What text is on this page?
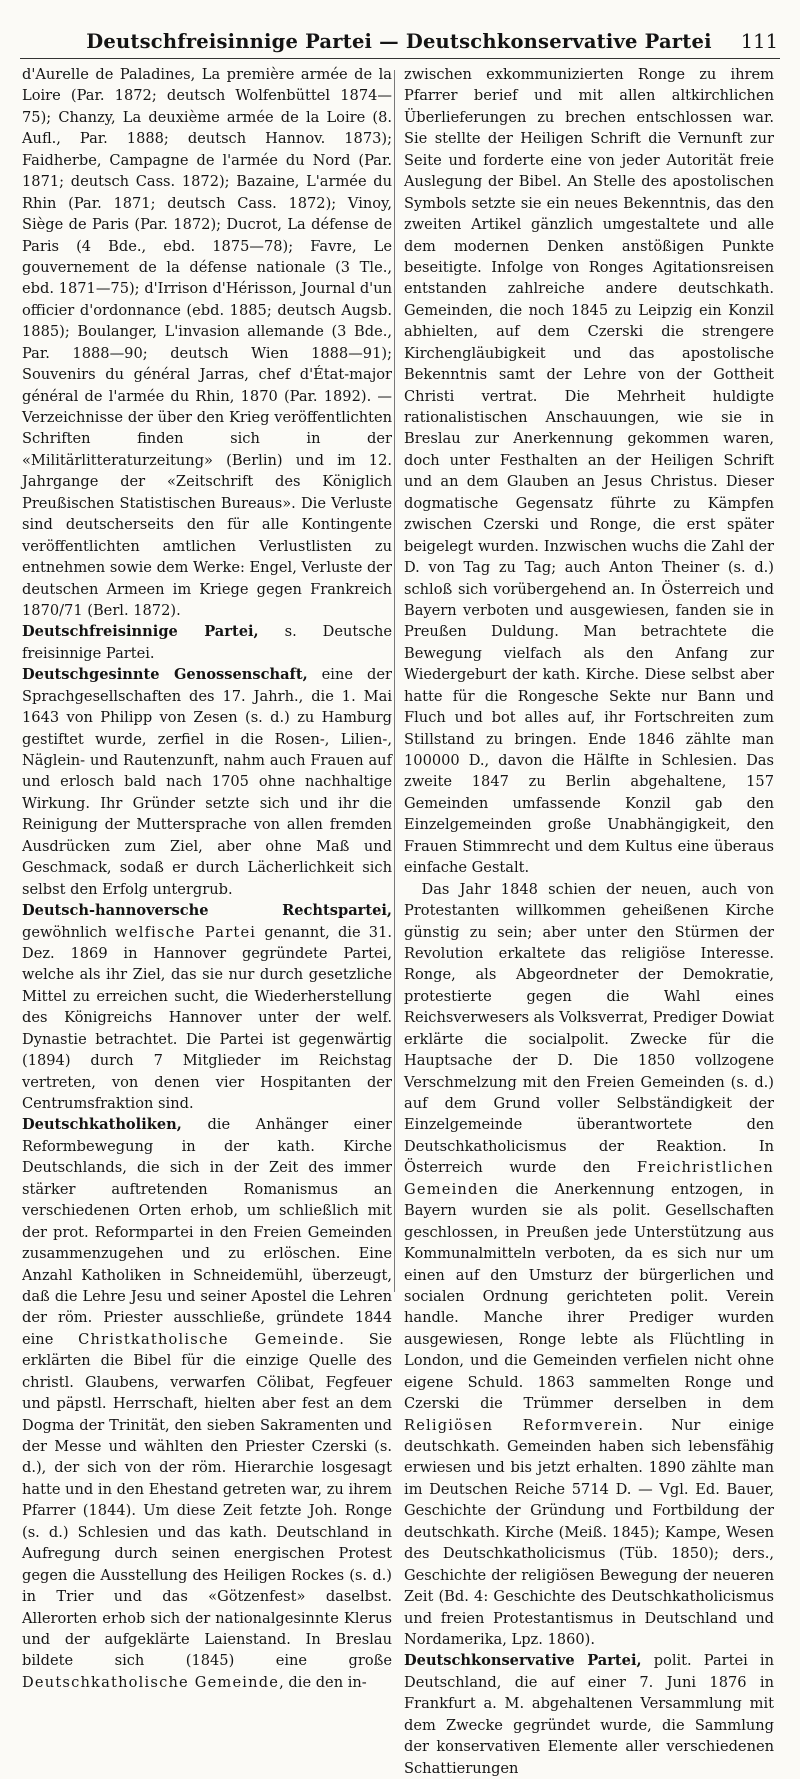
Deutschfreisinnige Partei — Deutschkonservative Partei	111

d'Aurelle de Paladines, La première armée de la Loire (Par. 1872; deutsch Wolfenbüttel 1874—75); Chanzy, La deuxième armée de la Loire (8. Aufl., Par. 1888; deutsch Hannov. 1873); Faidherbe, Campagne de l'armée du Nord (Par. 1871; deutsch Cass. 1872); Bazaine, L'armée du Rhin (Par. 1871; deutsch Cass. 1872); Vinoy, Siège de Paris (Par. 1872); Ducrot, La défense de Paris (4 Bde., ebd. 1875—78); Favre, Le gouvernement de la défense nationale (3 Tle., ebd. 1871—75); d'Irrison d'Hérisson, Journal d'un officier d'ordonnance (ebd. 1885; deutsch Augsb. 1885); Boulanger, L'invasion allemande (3 Bde., Par. 1888—90; deutsch Wien 1888—91); Souvenirs du général Jarras, chef d'État-major général de l'armée du Rhin, 1870 (Par. 1892). — Verzeichnisse der über den Krieg veröffentlichten Schriften finden sich in der «Militärlitteraturzeitung» (Berlin) und im 12. Jahrgange der «Zeitschrift des Königlich Preußischen Statistischen Bureaus». Die Verluste sind deutscherseits den für alle Kontingente veröffentlichten amtlichen Verlustlisten zu entnehmen sowie dem Werke: Engel, Verluste der deutschen Armeen im Kriege gegen Frankreich 1870/71 (Berl. 1872).

Deutschfreisinnige Partei, s. Deutsche freisinnige Partei.

Deutschgesinnte Genossenschaft, eine der Sprachgesellschaften des 17. Jahrh., die 1. Mai 1643 von Philipp von Zesen (s. d.) zu Hamburg gestiftet wurde, zerfiel in die Rosen-, Lilien-, Näglein- und Rautenzunft, nahm auch Frauen auf und erlosch bald nach 1705 ohne nachhaltige Wirkung. Ihr Gründer setzte sich und ihr die Reinigung der Muttersprache von allen fremden Ausdrücken zum Ziel, aber ohne Maß und Geschmack, sodaß er durch Lächerlichkeit sich selbst den Erfolg untergrub.

Deutsch-hannoversche Rechtspartei, gewöhnlich welfische Partei genannt, die 31. Dez. 1869 in Hannover gegründete Partei, welche als ihr Ziel, das sie nur durch gesetzliche Mittel zu erreichen sucht, die Wiederherstellung des Königreichs Hannover unter der welf. Dynastie betrachtet. Die Partei ist gegenwärtig (1894) durch 7 Mitglieder im Reichstag vertreten, von denen vier Hospitanten der Centrumsfraktion sind.

Deutschkatholiken, die Anhänger einer Reformbewegung in der kath. Kirche Deutschlands, die sich in der Zeit des immer stärker auftretenden Romanismus an verschiedenen Orten erhob, um schließlich mit der prot. Reformpartei in den Freien Gemeinden zusammenzugehen und zu erlöschen. Eine Anzahl Katholiken in Schneidemühl, überzeugt, daß die Lehre Jesu und seiner Apostel die Lehren der röm. Priester ausschließe, gründete 1844 eine Christkatholische Gemeinde. Sie erklärten die Bibel für die einzige Quelle des christl. Glaubens, verwarfen Cölibat, Fegfeuer und päpstl. Herrschaft, hielten aber fest an dem Dogma der Trinität, den sieben Sakramenten und der Messe und wählten den Priester Czerski (s. d.), der sich von der röm. Hierarchie losgesagt hatte und in den Ehestand getreten war, zu ihrem Pfarrer (1844). Um diese Zeit fetzte Joh. Ronge (s. d.) Schlesien und das kath. Deutschland in Aufregung durch seinen energischen Protest gegen die Ausstellung des Heiligen Rockes (s. d.) in Trier und das «Götzenfest» daselbst. Allerorten erhob sich der nationalgesinnte Klerus und der aufgeklärte Laienstand. In Breslau bildete sich (1845) eine große Deutschkatholische Gemeinde, die den in-

zwischen exkommunizierten Ronge zu ihrem Pfarrer berief und mit allen altkirchlichen Überlieferungen zu brechen entschlossen war. Sie stellte der Heiligen Schrift die Vernunft zur Seite und forderte eine von jeder Autorität freie Auslegung der Bibel. An Stelle des apostolischen Symbols setzte sie ein neues Bekenntnis, das den zweiten Artikel gänzlich umgestaltete und alle dem modernen Denken anstößigen Punkte beseitigte. Infolge von Ronges Agitationsreisen entstanden zahlreiche andere deutschkath. Gemeinden, die noch 1845 zu Leipzig ein Konzil abhielten, auf dem Czerski die strengere Kirchengläubigkeit und das apostolische Bekenntnis samt der Lehre von der Gottheit Christi vertrat. Die Mehrheit huldigte rationalistischen Anschauungen, wie sie in Breslau zur Anerkennung gekommen waren, doch unter Festhalten an der Heiligen Schrift und an dem Glauben an Jesus Christus. Dieser dogmatische Gegensatz führte zu Kämpfen zwischen Czerski und Ronge, die erst später beigelegt wurden. Inzwischen wuchs die Zahl der D. von Tag zu Tag; auch Anton Theiner (s. d.) schloß sich vorübergehend an. In Österreich und Bayern verboten und ausgewiesen, fanden sie in Preußen Duldung. Man betrachtete die Bewegung vielfach als den Anfang zur Wiedergeburt der kath. Kirche. Diese selbst aber hatte für die Rongesche Sekte nur Bann und Fluch und bot alles auf, ihr Fortschreiten zum Stillstand zu bringen. Ende 1846 zählte man 100000 D., davon die Hälfte in Schlesien. Das zweite 1847 zu Berlin abgehaltene, 157 Gemeinden umfassende Konzil gab den Einzelgemeinden große Unabhängigkeit, den Frauen Stimmrecht und dem Kultus eine überaus einfache Gestalt.

Das Jahr 1848 schien der neuen, auch von Protestanten willkommen geheißenen Kirche günstig zu sein; aber unter den Stürmen der Revolution erkaltete das religiöse Interesse. Ronge, als Abgeordneter der Demokratie, protestierte gegen die Wahl eines Reichsverwesers als Volksverrat, Prediger Dowiat erklärte die socialpolit. Zwecke für die Hauptsache der D. Die 1850 vollzogene Verschmelzung mit den Freien Gemeinden (s. d.) auf dem Grund voller Selbständigkeit der Einzelgemeinde überantwortete den Deutschkatholicismus der Reaktion. In Österreich wurde den Freichristlichen Gemeinden die Anerkennung entzogen, in Bayern wurden sie als polit. Gesellschaften geschlossen, in Preußen jede Unterstützung aus Kommunalmitteln verboten, da es sich nur um einen auf den Umsturz der bürgerlichen und socialen Ordnung gerichteten polit. Verein handle. Manche ihrer Prediger wurden ausgewiesen, Ronge lebte als Flüchtling in London, und die Gemeinden verfielen nicht ohne eigene Schuld. 1863 sammelten Ronge und Czerski die Trümmer derselben in dem Religiösen Reformverein. Nur einige deutschkath. Gemeinden haben sich lebensfähig erwiesen und bis jetzt erhalten. 1890 zählte man im Deutschen Reiche 5714 D. — Vgl. Ed. Bauer, Geschichte der Gründung und Fortbildung der deutschkath. Kirche (Meiß. 1845); Kampe, Wesen des Deutschkatholicismus (Tüb. 1850); ders., Geschichte der religiösen Bewegung der neueren Zeit (Bd. 4: Geschichte des Deutschkatholicismus und freien Protestantismus in Deutschland und Nordamerika, Lpz. 1860).

Deutschkonservative Partei, polit. Partei in Deutschland, die auf einer 7. Juni 1876 in Frankfurt a. M. abgehaltenen Versammlung mit dem Zwecke gegründet wurde, die Sammlung der konservativen Elemente aller verschiedenen Schattierungen
